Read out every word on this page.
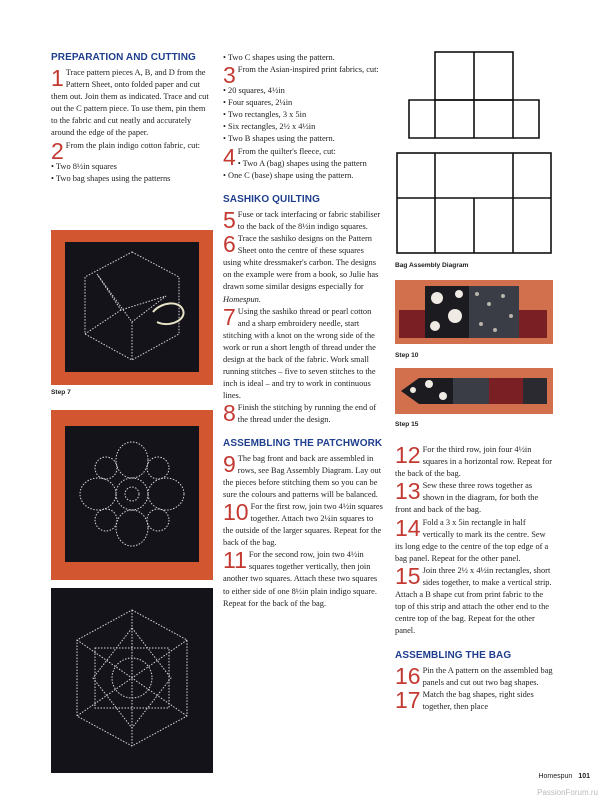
PREPARATION AND CUTTING
1 Trace pattern pieces A, B, and D from the Pattern Sheet, onto folded paper and cut them out. Join them as indicated. Trace and cut out the C pattern piece. To use them, pin them to the fabric and cut neatly and accurately around the edge of the paper.

2 From the plain indigo cotton fabric, cut:

• Two 8½in squares

• Two bag shapes using the patterns

Step 7

• Two C shapes using the pattern.

3 From the Asian-inspired print fabrics, cut:

• 20 squares, 4½in

• Four squares, 2¼in

• Two rectangles, 3 x 5in

• Six rectangles, 2½ x 4½in

• Two B shapes using the pattern.

4 From the quilter's fleece, cut:

• Two A (bag) shapes using the pattern

• One C (base) shape using the pattern.

SASHIKO QUILTING
5 Fuse or tack interfacing or fabric stabiliser to the back of the 8½in indigo squares.

6 Trace the sashiko designs on the Pattern Sheet onto the centre of these squares using white dressmaker's carbon. The designs on the example were from a book, so Julie has drawn some similar designs especially for Homespun.

7 Using the sashiko thread or pearl cotton and a sharp embroidery needle, start stitching with a knot on the wrong side of the work or run a short length of thread under the design at the back of the fabric. Work small running stitches – five to seven stitches to the inch is ideal – and try to work in continuous lines.

8 Finish the stitching by running the end of the thread under the design.

ASSEMBLING THE PATCHWORK
9 The bag front and back are assembled in rows, see Bag Assembly Diagram. Lay out the pieces before stitching them so you can be sure the colours and patterns will be balanced.

10 For the first row, join two 4½in squares together. Attach two 2¼in squares to the outside of the larger squares. Repeat for the back of the bag.

11 For the second row, join two 4½in squares together vertically, then join another two squares. Attach these two squares to either side of one 8½in plain indigo square. Repeat for the back of the bag.

Bag Assembly Diagram
Step 10
Step 15
12 For the third row, join four 4½in squares in a horizontal row. Repeat for the back of the bag.

13 Sew these three rows together as shown in the diagram, for both the front and back of the bag.

14 Fold a 3 x 5in rectangle in half vertically to mark its the centre. Sew its long edge to the centre of the top edge of a bag panel. Repeat for the other panel.

15 Join three 2½ x 4½in rectangles, short sides together, to make a vertical strip. Attach a B shape cut from print fabric to the top of this strip and attach the other end to the centre top of the bag. Repeat for the other panel.

ASSEMBLING THE BAG
16 Pin the A pattern on the assembled bag panels and cut out two bag shapes.

17 Match the bag shapes, right sides together, then place

Homespun 101
PassionForum.ru
